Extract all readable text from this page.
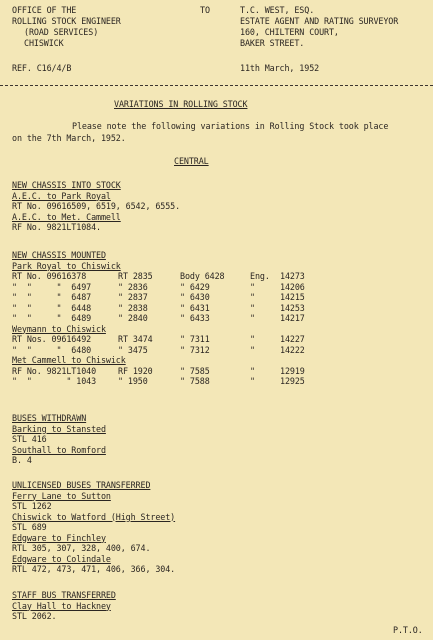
OFFICE OF THE
ROLLING STOCK ENGINEER
(ROAD SERVICES)
CHISWICK
TO	T.C. WEST, ESQ.
ESTATE AGENT AND RATING SURVEYOR
160, CHILTERN COURT,
BAKER STREET.
REF. C16/4/B	11th March, 1952
VARIATIONS IN ROLLING STOCK
Please note the following variations in Rolling Stock took place
on the 7th March, 1952.
CENTRAL
NEW CHASSIS INTO STOCK
A.E.C. to Park Royal
RT No. 09616509, 6519, 6542, 6555.
A.E.C. to Met. Cammell
RF No. 9821LT1084.
NEW CHASSIS MOUNTED
Park Royal to Chiswick
RT No. 09616378	RT 2835	Body 6428	Eng. 14273
"  "     "  6497	" 2836	" 6429	"	14206
"  "     "  6487	" 2837	" 6430	"	14215
"  "     "  6448	" 2838	" 6431	"	14253
"  "     "  6489	" 2840	" 6433	"	14217
Weymann to Chiswick
RT Nos. 09616492	RT 3474	" 7311	"	14227
"  "     "  6480	" 3475	" 7312	"	14222
Met Cammell to Chiswick
RF No. 9821LT1040	RF 1920	" 7585	"	12919
"  "       " 1043	" 1950	" 7588	"	12925
BUSES WITHDRAWN
Barking to Stansted
STL 416
Southall to Romford
B. 4
UNLICENSED BUSES TRANSFERRED
Ferry Lane to Sutton
STL 1262
Chiswick to Watford (High Street)
STL 689
Edgware to Finchley
RTL 305, 307, 328, 400, 674.
Edgware to Colindale
RTL 472, 473, 471, 406, 366, 304.
STAFF BUS TRANSFERRED
Clay Hall to Hackney
STL 2062.
P.T.O.
